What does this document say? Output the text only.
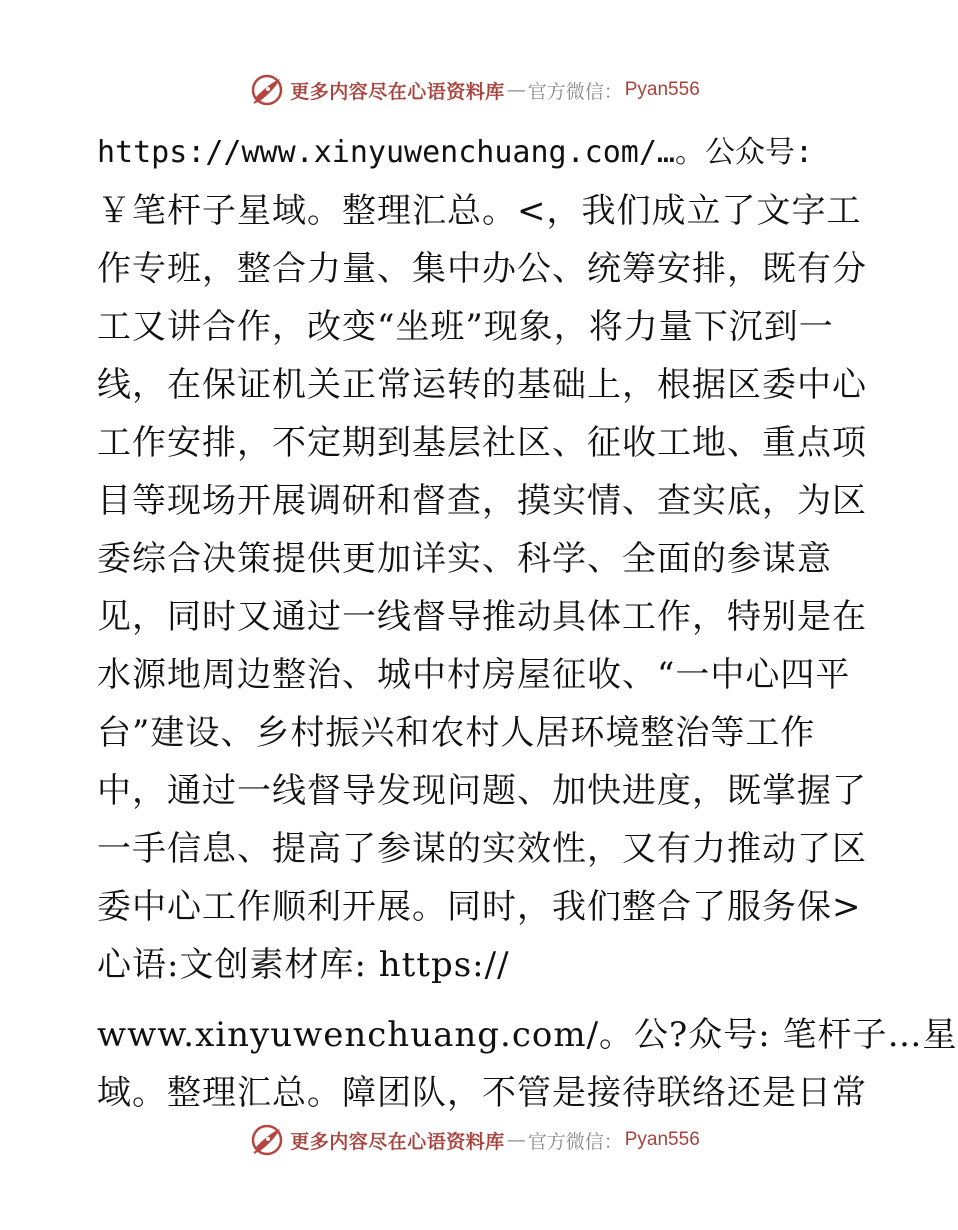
更多内容尽在心语资料库 — 官方微信： Pyan556
https://www.xinyuwenchuang.com/…。公众号:
￥笔杆子星域。整理汇总。<，我们成立了文字工
作专班，整合力量、集中办公、统筹安排，既有分
工又讲合作，改变“坐班”现象，将力量下沉到一
线，在保证机关正常运转的基础上，根据区委中心
工作安排，不定期到基层社区、征收工地、重点项
目等现场开展调研和督查，摸实情、查实底，为区
委综合决策提供更加详实、科学、全面的参谋意
见，同时又通过一线督导推动具体工作，特别是在
水源地周边整治、城中村房屋征收、“一中心四平
台”建设、乡村振兴和农村人居环境整治等工作
中，通过一线督导发现问题、加快进度，既掌握了
一手信息、提高了参谋的实效性，又有力推动了区
委中心工作顺利开展。同时，我们整合了服务保>
心语:文创素材库: https://
www.xinyuwenchuang.com/。公?众号: 笔杆子…星
域。整理汇总。障团队，不管是接待联络还是日常
更多内容尽在心语资料库 — 官方微信： Pyan556
